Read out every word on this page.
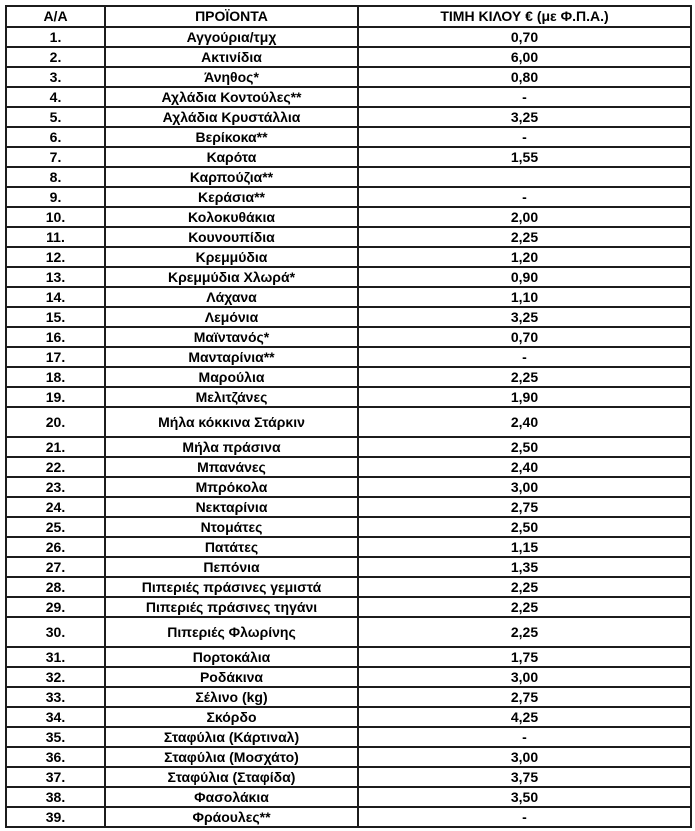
Α/Α	ΠΡΟΪΟΝΤΑ	ΤΙΜΗ ΚΙΛΟΥ € (με Φ.Π.Α.)
1.	Αγγούρια/τμχ	0,70
2.	Ακτινίδια	6,00
3.	Άνηθος*	0,80
4.	Αχλάδια Κοντούλες**	-
5.	Αχλάδια Κρυστάλλια	3,25
6.	Βερίκοκα**	-
7.	Καρότα	1,55
8.	Καρπούζια**	
9.	Κεράσια**	-
10.	Κολοκυθάκια	2,00
11.	Κουνουπίδια	2,25
12.	Κρεμμύδια	1,20
13.	Κρεμμύδια Χλωρά*	0,90
14.	Λάχανα	1,10
15.	Λεμόνια	3,25
16.	Μαϊντανός*	0,70
17.	Μανταρίνια**	-
18.	Μαρούλια	2,25
19.	Μελιτζάνες	1,90
20.	Μήλα κόκκινα Στάρκιν	2,40
21.	Μήλα πράσινα	2,50
22.	Μπανάνες	2,40
23.	Μπρόκολα	3,00
24.	Νεκταρίνια	2,75
25.	Ντομάτες	2,50
26.	Πατάτες	1,15
27.	Πεπόνια	1,35
28.	Πιπεριές πράσινες γεμιστά	2,25
29.	Πιπεριές πράσινες τηγάνι	2,25
30.	Πιπεριές Φλωρίνης	2,25
31.	Πορτοκάλια	1,75
32.	Ροδάκινα	3,00
33.	Σέλινο (kg)	2,75
34.	Σκόρδο	4,25
35.	Σταφύλια (Κάρτιναλ)	-
36.	Σταφύλια (Μοσχάτο)	3,00
37.	Σταφύλια (Σταφίδα)	3,75
38.	Φασολάκια	3,50
39.	Φράουλες**	-
